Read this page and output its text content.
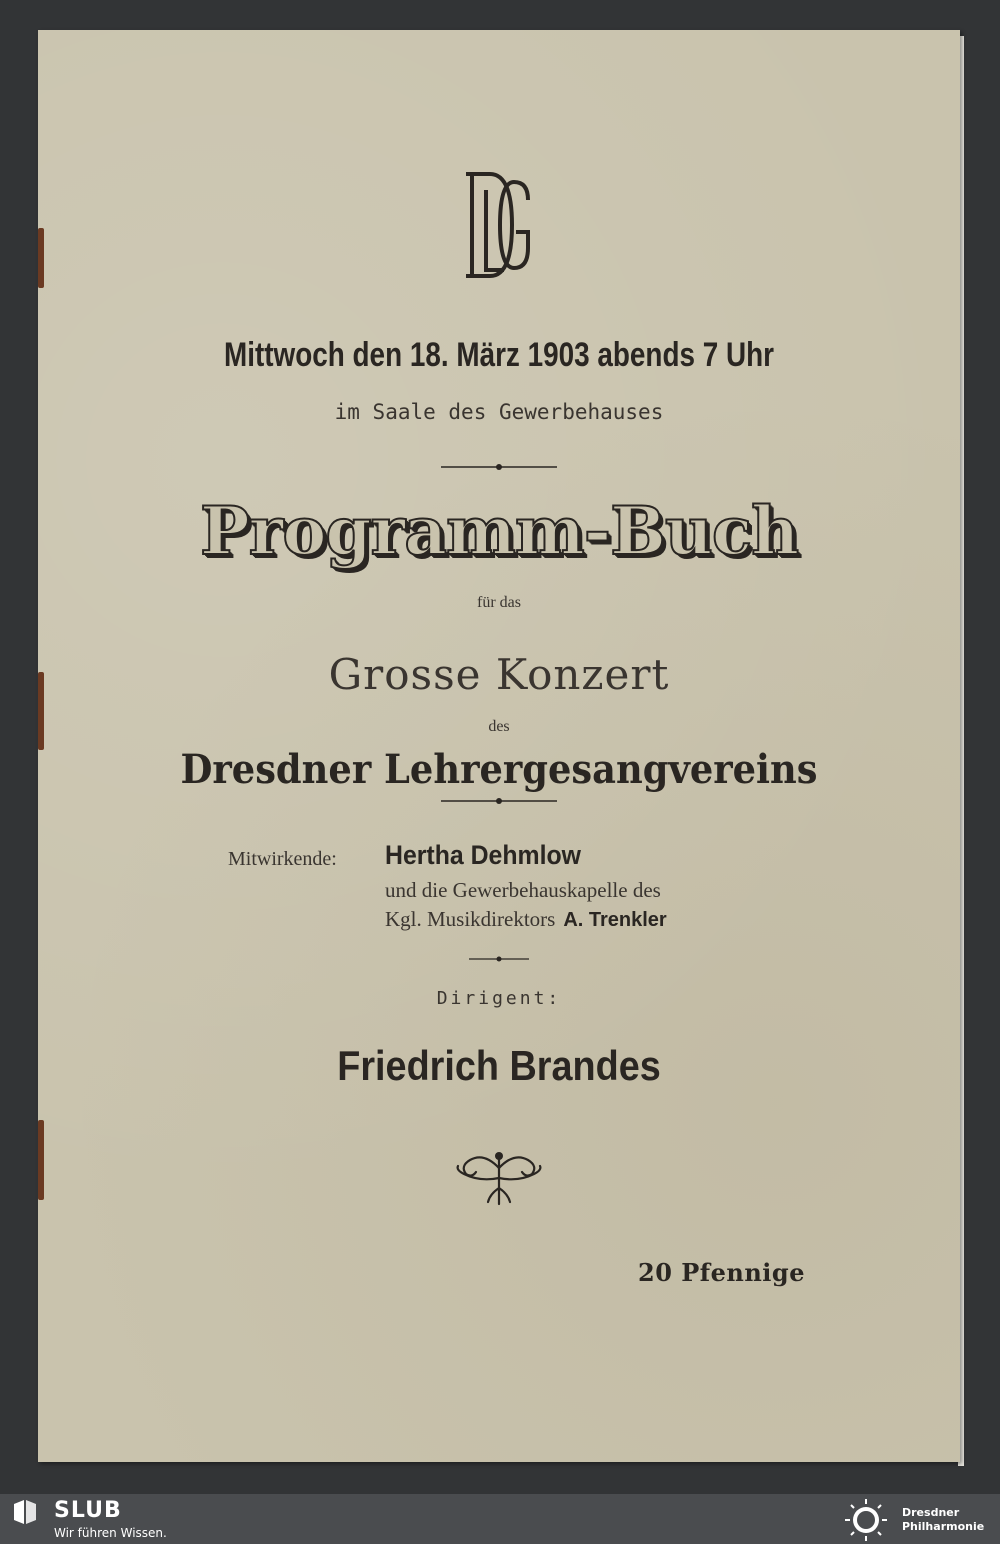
Mittwoch den 18. März 1903 abends 7 Uhr
im Saale des Gewerbehauses
Programm-Buch
für das
Grosse Konzert
des
Dresdner Lehrergesangvereins
Mitwirkende: Hertha Dehmlow
und die Gewerbehauskapelle des
Kgl. Musikdirektors A. Trenkler
Dirigent:
Friedrich Brandes
20 Pfennige
SLUB
Wir führen Wissen.
Dresdner
Philharmonie
